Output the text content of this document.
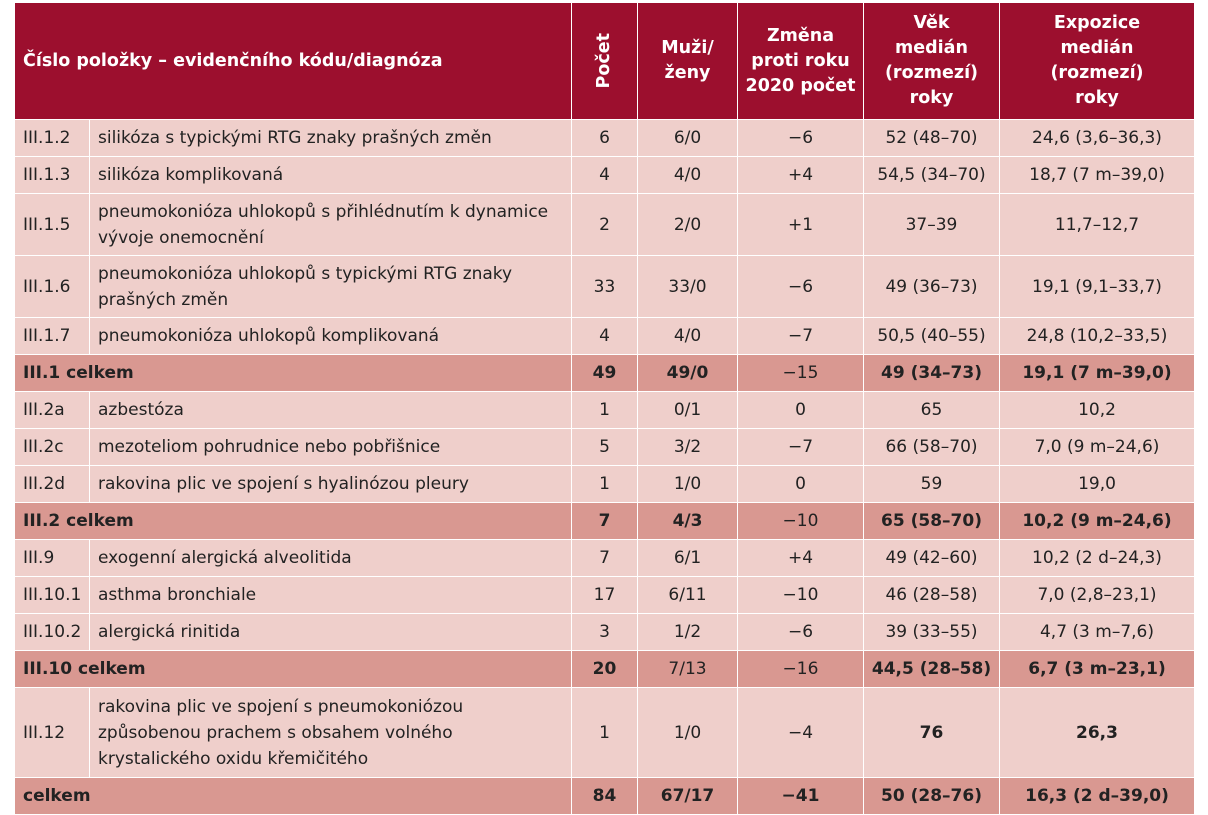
Číslo položky – evidenčního kódu/diagnóza		Počet	Muži/ženy	Změna proti roku 2020 počet	Věk medián (rozmezí) roky	Expozice medián (rozmezí) roky

III.1.2	silikóza s typickými RTG znaky prašných změn	6	6/0	−6	52 (48–70)	24,6 (3,6–36,3)
III.1.3	silikóza komplikovaná	4	4/0	+4	54,5 (34–70)	18,7 (7 m–39,0)
III.1.5	pneumokonióza uhlokopů s přihlédnutím k dynamice vývoje onemocnění	2	2/0	+1	37–39	11,7–12,7
III.1.6	pneumokonióza uhlokopů s typickými RTG znaky prašných změn	33	33/0	−6	49 (36–73)	19,1 (9,1–33,7)
III.1.7	pneumokonióza uhlokopů komplikovaná	4	4/0	−7	50,5 (40–55)	24,8 (10,2–33,5)
III.1 celkem		49	49/0	−15	49 (34–73)	19,1 (7 m–39,0)
III.2a	azbestóza	1	0/1	0	65	10,2
III.2c	mezoteliom pohrudnice nebo pobřišnice	5	3/2	−7	66 (58–70)	7,0 (9 m–24,6)
III.2d	rakovina plic ve spojení s hyalinózou pleury	1	1/0	0	59	19,0
III.2 celkem		7	4/3	−10	65 (58–70)	10,2 (9 m–24,6)
III.9	exogenní alergická alveolitida	7	6/1	+4	49 (42–60)	10,2 (2 d–24,3)
III.10.1	asthma bronchiale	17	6/11	−10	46 (28–58)	7,0 (2,8–23,1)
III.10.2	alergická rinitida	3	1/2	−6	39 (33–55)	4,7 (3 m–7,6)
III.10 celkem		20	7/13	−16	44,5 (28–58)	6,7 (3 m–23,1)
III.12	rakovina plic ve spojení s pneumokoniózou způsobenou prachem s obsahem volného krystalického oxidu křemičitého	1	1/0	−4	76	26,3
celkem		84	67/17	−41	50 (28–76)	16,3 (2 d–39,0)
